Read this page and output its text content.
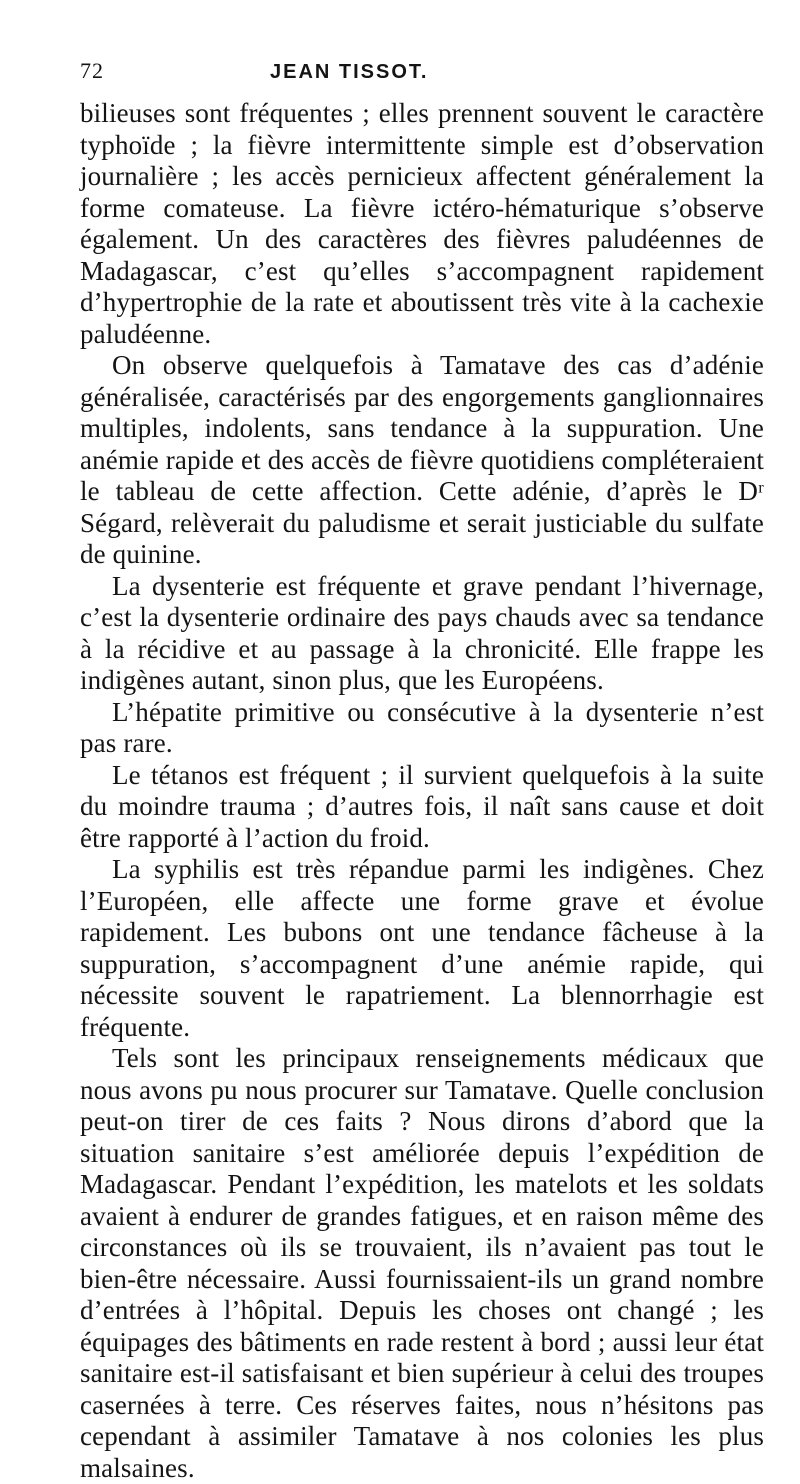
72	JEAN TISSOT.

bilieuses sont fréquentes ; elles prennent souvent le caractère typhoïde ; la fièvre intermittente simple est d’observation journalière ; les accès pernicieux affectent généralement la forme comateuse. La fièvre ictéro-hématurique s’observe également. Un des caractères des fièvres paludéennes de Madagascar, c’est qu’elles s’accompagnent rapidement d’hypertrophie de la rate et aboutissent très vite à la cachexie paludéenne.

On observe quelquefois à Tamatave des cas d’adénie généralisée, caractérisés par des engorgements ganglionnaires multiples, indolents, sans tendance à la suppuration. Une anémie rapide et des accès de fièvre quotidiens compléteraient le tableau de cette affection. Cette adénie, d’après le Dʳ Ségard, relèverait du paludisme et serait justiciable du sulfate de quinine.

La dysenterie est fréquente et grave pendant l’hivernage, c’est la dysenterie ordinaire des pays chauds avec sa tendance à la récidive et au passage à la chronicité. Elle frappe les indigènes autant, sinon plus, que les Européens.

L’hépatite primitive ou consécutive à la dysenterie n’est pas rare.

Le tétanos est fréquent ; il survient quelquefois à la suite du moindre trauma ; d’autres fois, il naît sans cause et doit être rapporté à l’action du froid.

La syphilis est très répandue parmi les indigènes. Chez l’Européen, elle affecte une forme grave et évolue rapidement. Les bubons ont une tendance fâcheuse à la suppuration, s’accompagnent d’une anémie rapide, qui nécessite souvent le rapatriement. La blennorrhagie est fréquente.

Tels sont les principaux renseignements médicaux que nous avons pu nous procurer sur Tamatave. Quelle conclusion peut-on tirer de ces faits ? Nous dirons d’abord que la situation sanitaire s’est améliorée depuis l’expédition de Madagascar. Pendant l’expédition, les matelots et les soldats avaient à endurer de grandes fatigues, et en raison même des circonstances où ils se trouvaient, ils n’avaient pas tout le bien-être nécessaire. Aussi fournissaient-ils un grand nombre d’entrées à l’hôpital. Depuis les choses ont changé ; les équipages des bâtiments en rade restent à bord ; aussi leur état sanitaire est-il satisfaisant et bien supérieur à celui des troupes casernées à terre. Ces réserves faites, nous n’hésitons pas cependant à assimiler Tamatave à nos colonies les plus malsaines.
